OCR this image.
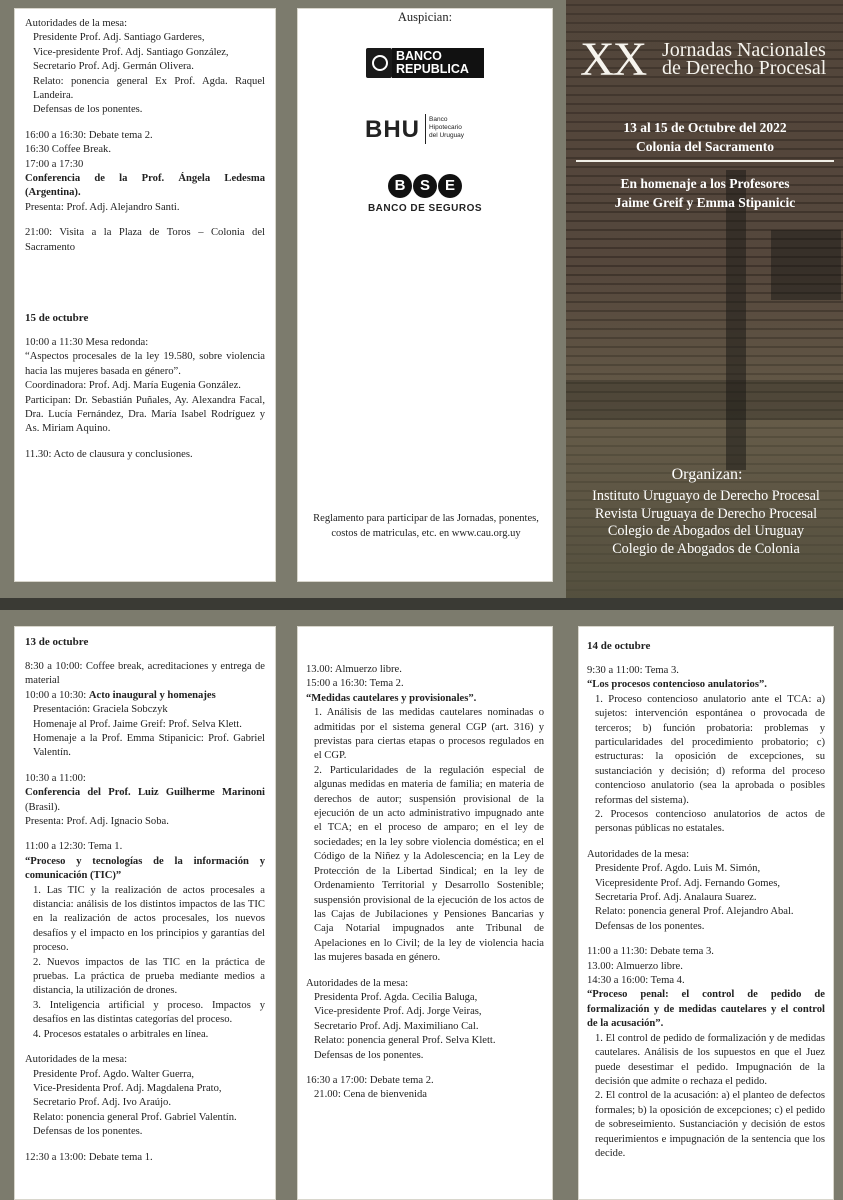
Autoridades de la mesa:

Presidente Prof. Adj. Santiago Garderes,

Vice-presidente Prof. Adj. Santiago González,

Secretario Prof. Adj. Germán Olivera.

Relato: ponencia general Ex Prof. Agda. Raquel Landeira.

Defensas de los ponentes.

16:00 a 16:30: Debate tema 2.

16:30 Coffee Break.

17:00 a 17:30

Conferencia de la Prof. Ángela Ledesma (Argentina).

Presenta: Prof. Adj. Alejandro Santi.

21:00: Visita a la Plaza de Toros – Colonia del Sacramento

15 de octubre

10:00 a 11:30 Mesa redonda:

“Aspectos procesales de la ley 19.580, sobre violencia hacia las mujeres basada en género”.

Coordinadora: Prof. Adj. María Eugenia González.

Participan: Dr. Sebastián Puñales, Ay. Alexandra Facal, Dra. Lucía Fernández, Dra. María Isabel Rodríguez y As. Miriam Aquino.

11.30: Acto de clausura y conclusiones.

Auspician:

BANCO
REPUBLICA
BHU Banco
Hipotecario
del Uruguay
B S E
BANCO DE SEGUROS

Reglamento para participar de las Jornadas, ponentes, costos de matriculas, etc. en www.cau.org.uy

XX Jornadas Nacionales
de Derecho Procesal
13 al 15 de Octubre del 2022
Colonia del Sacramento
En homenaje a los Profesores
Jaime Greif y Emma Stipanicic
Organizan:
Instituto Uruguayo de Derecho Procesal
Revista Uruguaya de Derecho Procesal
Colegio de Abogados del Uruguay
Colegio de Abogados de Colonia

13 de octubre

8:30 a 10:00: Coffee break, acreditaciones y entrega de material

10:00 a 10:30: Acto inaugural y homenajes

Presentación: Graciela Sobczyk

Homenaje al Prof. Jaime Greif: Prof. Selva Klett.

Homenaje a la Prof. Emma Stipanicic: Prof. Gabriel Valentín.

10:30 a 11:00:

Conferencia del Prof. Luiz Guilherme Marinoni (Brasil).

Presenta: Prof. Adj. Ignacio Soba.

11:00 a 12:30: Tema 1.

“Proceso y tecnologías de la información y comunicación (TIC)”

1. Las TIC y la realización de actos procesales a distancia: análisis de los distintos impactos de las TIC en la realización de actos procesales, los nuevos desafíos y el impacto en los principios y garantías del proceso.

2. Nuevos impactos de las TIC en la práctica de pruebas. La práctica de prueba mediante medios a distancia, la utilización de drones.

3. Inteligencia artificial y proceso. Impactos y desafíos en las distintas categorías del proceso.

4. Procesos estatales o arbitrales en línea.

Autoridades de la mesa:

Presidente Prof. Agdo. Walter Guerra,

Vice-Presidenta Prof. Adj. Magdalena Prato,

Secretario Prof. Adj. Ivo Araújo.

Relato: ponencia general Prof. Gabriel Valentín.

Defensas de los ponentes.

12:30 a 13:00: Debate tema 1.

13.00: Almuerzo libre.

15:00 a 16:30: Tema 2.

“Medidas cautelares y provisionales”.

1. Análisis de las medidas cautelares nominadas o admitidas por el sistema general CGP (art. 316) y previstas para ciertas etapas o procesos regulados en el CGP.

2. Particularidades de la regulación especial de algunas medidas en materia de familia; en materia de derechos de autor; suspensión provisional de la ejecución de un acto administrativo impugnado ante el TCA; en el proceso de amparo; en el ley de sociedades; en la ley sobre violencia doméstica; en el Código de la Niñez y la Adolescencia; en la Ley de Protección de la Libertad Sindical; en la ley de Ordenamiento Territorial y Desarrollo Sostenible; suspensión provisional de la ejecución de los actos de las Cajas de Jubilaciones y Pensiones Bancarias y Caja Notarial impugnados ante Tribunal de Apelaciones en lo Civil; de la ley de violencia hacia las mujeres basada en género.

Autoridades de la mesa:

Presidenta Prof. Agda. Cecilia Baluga,

Vice-presidente Prof. Adj. Jorge Veiras,

Secretario Prof. Adj. Maximiliano Cal.

Relato: ponencia general Prof. Selva Klett.

Defensas de los ponentes.

16:30 a 17:00: Debate tema 2.

21.00: Cena de bienvenida

14 de octubre

9:30 a 11:00: Tema 3.

“Los procesos contencioso anulatorios”.

1. Proceso contencioso anulatorio ante el TCA: a) sujetos: intervención espontánea o provocada de terceros; b) función probatoria: problemas y particularidades del procedimiento probatorio; c) estructuras: la oposición de excepciones, su sustanciación y decisión; d) reforma del proceso contencioso anulatorio (sea la aprobada o posibles reformas del sistema).

2. Procesos contencioso anulatorios de actos de personas públicas no estatales.

Autoridades de la mesa:

Presidente Prof. Agdo. Luis M. Simón,

Vicepresidente Prof. Adj. Fernando Gomes,

Secretaria Prof. Adj. Analaura Suarez.

Relato: ponencia general Prof. Alejandro Abal.

Defensas de los ponentes.

11:00 a 11:30: Debate tema 3.

13.00: Almuerzo libre.

14:30 a 16:00: Tema 4.

“Proceso penal: el control de pedido de formalización y de medidas cautelares y el control de la acusación”.

1. El control de pedido de formalización y de medidas cautelares. Análisis de los supuestos en que el Juez puede desestimar el pedido. Impugnación de la decisión que admite o rechaza el pedido.

2. El control de la acusación: a) el planteo de defectos formales; b) la oposición de excepciones; c) el pedido de sobreseimiento. Sustanciación y decisión de estos requerimientos e impugnación de la sentencia que los decide.
